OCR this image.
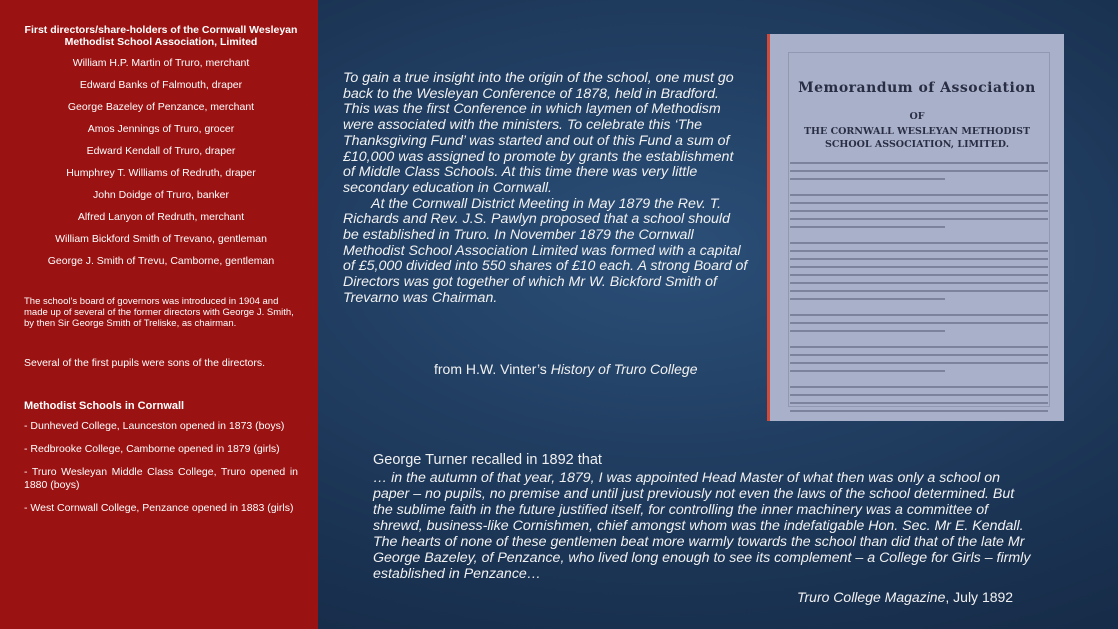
First directors/share-holders of the Cornwall Wesleyan Methodist School Association, Limited
William H.P. Martin of Truro, merchant
Edward Banks of Falmouth, draper
George Bazeley of Penzance, merchant
Amos Jennings of Truro, grocer
Edward Kendall of Truro, draper
Humphrey T. Williams of Redruth, draper
John Doidge of Truro, banker
Alfred Lanyon of Redruth, merchant
William Bickford Smith of Trevano, gentleman
George J. Smith of Trevu, Camborne, gentleman
The school’s board of governors was introduced in 1904 and made up of several of the former directors with George J. Smith, by then Sir George Smith of Treliske, as chairman.
Several of the first pupils were sons of the directors.
Methodist Schools in Cornwall
- Dunheved College, Launceston opened in 1873 (boys)
- Redbrooke College, Camborne opened in 1879 (girls)
- Truro Wesleyan Middle Class College, Truro opened in 1880 (boys)
- West Cornwall College, Penzance opened in 1883 (girls)

To gain a true insight into the origin of the school, one must go back to the Wesleyan Conference of 1878, held in Bradford. This was the first Conference in which laymen of Methodism were associated with the ministers. To celebrate this ‘The Thanksgiving Fund’ was started and out of this Fund a sum of £10,000 was assigned to promote by grants the establishment of Middle Class Schools. At this time there was very little secondary education in Cornwall.

At the Cornwall District Meeting in May 1879 the Rev. T. Richards and Rev. J.S. Pawlyn proposed that a school should be established in Truro. In November 1879 the Cornwall Methodist School Association Limited was formed with a capital of £5,000 divided into 550 shares of £10 each. A strong Board of Directors was got together of which Mr W. Bickford Smith of Trevarno was Chairman.

from H.W. Vinter’s History of Truro College
Memorandum of Association
OF
THE CORNWALL WESLEYAN METHODIST SCHOOL ASSOCIATION, LIMITED.

George Turner recalled in 1892 that

… in the autumn of that year, 1879, I was appointed Head Master of what then was only a school on paper – no pupils, no premise and until just previously not even the laws of the school determined. But the sublime faith in the future justified itself, for controlling the inner machinery was a committee of shrewd, business-like Cornishmen, chief amongst whom was the indefatigable Hon. Sec. Mr E. Kendall. The hearts of none of these gentlemen beat more warmly towards the school than did that of the late Mr George Bazeley, of Penzance, who lived long enough to see its complement – a College for Girls – firmly established in Penzance…

Truro College Magazine, July 1892
